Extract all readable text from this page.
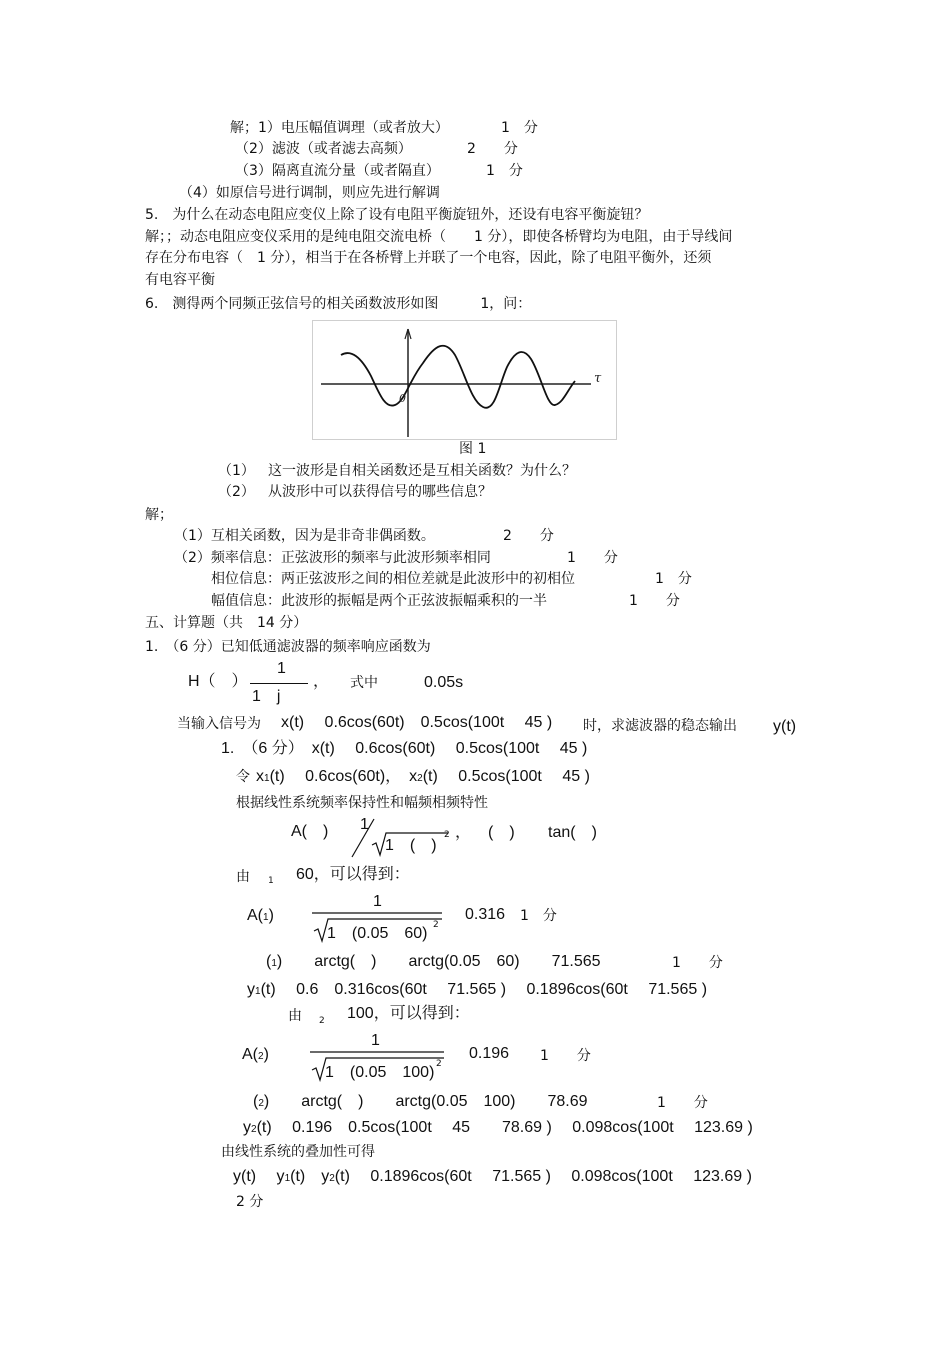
解；1）电压幅值调理（或者放大）	1　分
（2）滤波（或者滤去高频）	2　　分
（3）隔离直流分量（或者隔直）	1　分
（4）如原信号进行调制，则应先进行解调
5.　为什么在动态电阻应变仪上除了设有电阻平衡旋钮外，还设有电容平衡旋钮？
解；；动态电阻应变仪采用的是纯电阻交流电桥（　　1 分），即使各桥臂均为电阻，由于导线间
存在分布电容（　1 分），相当于在各桥臂上并联了一个电容，因此，除了电阻平衡外，还须
有电容平衡
6.　测得两个同频正弦信号的相关函数波形如图　　　1，问：
τ
0
图 1
（1） 这一波形是自相关函数还是互相关函数？为什么？
（2） 从波形中可以获得信号的哪些信息？
解；
（1）互相关函数，因为是非奇非偶函数。	2　　分
（2）频率信息：正弦波形的频率与此波形频率相同	1　　分
相位信息：两正弦波形之间的相位差就是此波形中的初相位	1　分
幅值信息：此波形的振幅是两个正弦波振幅乘积的一半	1　　分
五、计算题（共　14 分）
1.　（6 分）已知低通滤波器的频率响应函数为
H（　）
1
1　j
， 式中	0.05s
当输入信号为 x(t)　 0.6cos(60t)　0.5cos(100t　 45 ) 时，求滤波器的稳态输出 y(t)
1.　（6 分）　x(t)　 0.6cos(60t)　 0.5cos(100t　 45 )
令 x1(t)　 0.6cos(60t)，　x2(t)　 0.5cos(100t　 45 )
根据线性系统频率保持性和幅频相频特性
A(　) 1
1　(　)
2 ， (　) tan(　)
由 1 60，可以得到：
A(1)
1
1　(0.05　60) 2
0.316 1　分
(1)　　arctg(　)　　arctg(0.05　60)　　71.565	1　　分
y1(t)　 0.6　0.316cos(60t　 71.565 )　 0.1896cos(60t　 71.565 )
由 2 100，可以得到：
A(2)
1
1　(0.05　100) 2
0.196 1　　分
(2)　　arctg(　)　　arctg(0.05　100)　　78.69	1　　分
y2(t)　 0.196　0.5cos(100t　 45　　78.69 )　 0.098cos(100t　 123.69 )
由线性系统的叠加性可得
y(t)　 y1(t)　y2(t)　 0.1896cos(60t　 71.565 )　 0.098cos(100t　 123.69 )
2 分
